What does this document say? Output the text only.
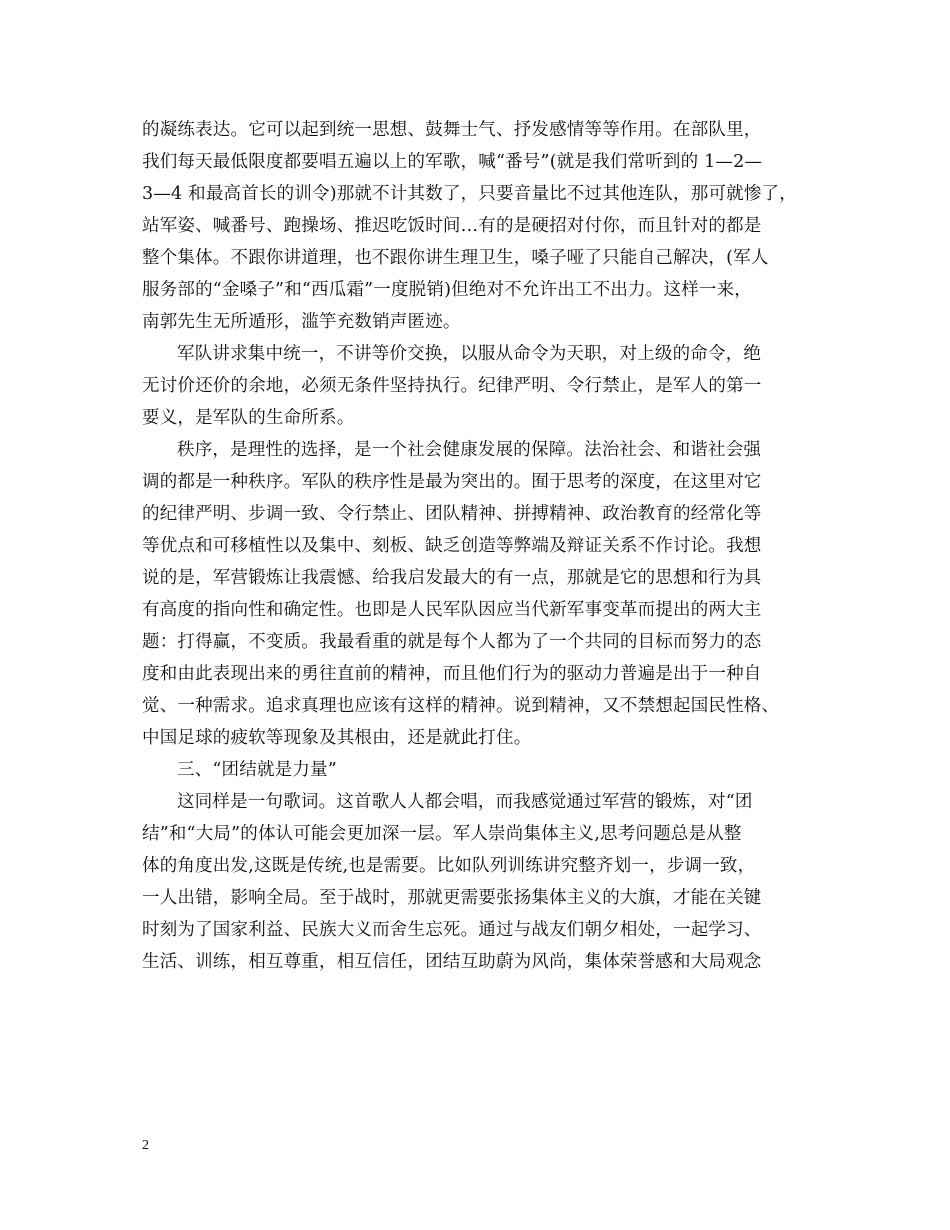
的凝练表达。它可以起到统一思想、鼓舞士气、抒发感情等等作用。在部队里，
我们每天最低限度都要唱五遍以上的军歌，喊“番号”(就是我们常听到的 1—2—
3—4 和最高首长的训令)那就不计其数了，只要音量比不过其他连队，那可就惨了，
站军姿、喊番号、跑操场、推迟吃饭时间…有的是硬招对付你，而且针对的都是
整个集体。不跟你讲道理，也不跟你讲生理卫生，嗓子哑了只能自己解决，(军人
服务部的“金嗓子”和“西瓜霜”一度脱销)但绝对不允许出工不出力。这样一来，
南郭先生无所遁形，滥竽充数销声匿迹。
军队讲求集中统一，不讲等价交换，以服从命令为天职，对上级的命令，绝
无讨价还价的余地，必须无条件坚持执行。纪律严明、令行禁止，是军人的第一
要义，是军队的生命所系。
秩序，是理性的选择，是一个社会健康发展的保障。法治社会、和谐社会强
调的都是一种秩序。军队的秩序性是最为突出的。囿于思考的深度，在这里对它
的纪律严明、步调一致、令行禁止、团队精神、拼搏精神、政治教育的经常化等
等优点和可移植性以及集中、刻板、缺乏创造等弊端及辩证关系不作讨论。我想
说的是，军营锻炼让我震憾、给我启发最大的有一点，那就是它的思想和行为具
有高度的指向性和确定性。也即是人民军队因应当代新军事变革而提出的两大主
题：打得赢，不变质。我最看重的就是每个人都为了一个共同的目标而努力的态
度和由此表现出来的勇往直前的精神，而且他们行为的驱动力普遍是出于一种自
觉、一种需求。追求真理也应该有这样的精神。说到精神，又不禁想起国民性格、
中国足球的疲软等现象及其根由，还是就此打住。
三、“团结就是力量”
这同样是一句歌词。这首歌人人都会唱，而我感觉通过军营的锻炼，对“团
结”和“大局”的体认可能会更加深一层。军人崇尚集体主义,思考问题总是从整
体的角度出发,这既是传统,也是需要。比如队列训练讲究整齐划一，步调一致，
一人出错，影响全局。至于战时，那就更需要张扬集体主义的大旗，才能在关键
时刻为了国家利益、民族大义而舍生忘死。通过与战友们朝夕相处，一起学习、
生活、训练，相互尊重，相互信任，团结互助蔚为风尚，集体荣誉感和大局观念
2
